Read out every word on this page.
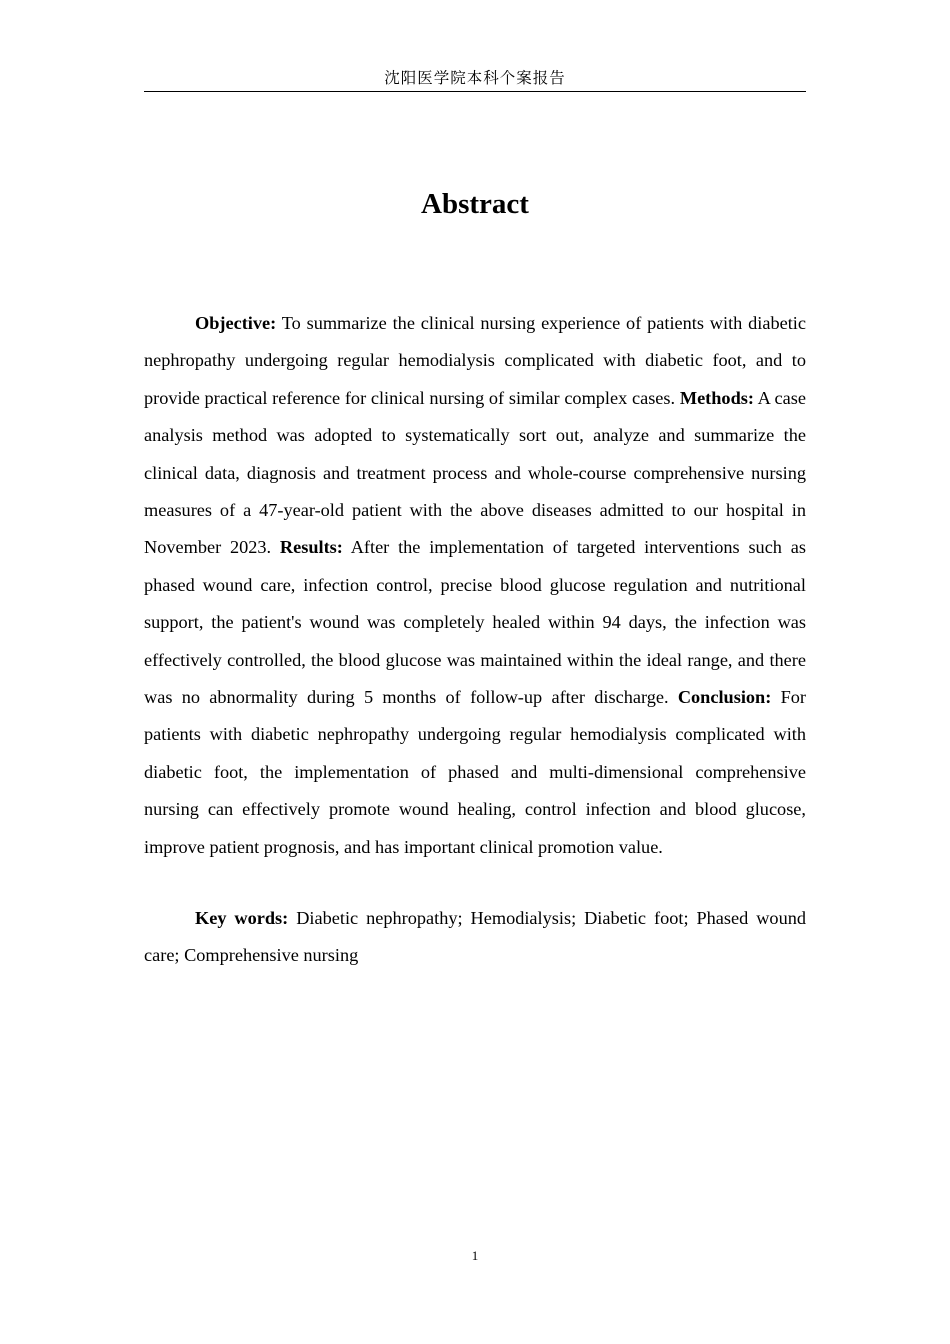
沈阳医学院本科个案报告
Abstract

Objective: To summarize the clinical nursing experience of patients with diabetic nephropathy undergoing regular hemodialysis complicated with diabetic foot, and to provide practical reference for clinical nursing of similar complex cases. Methods: A case analysis method was adopted to systematically sort out, analyze and summarize the clinical data, diagnosis and treatment process and whole-course comprehensive nursing measures of a 47-year-old patient with the above diseases admitted to our hospital in November 2023. Results: After the implementation of targeted interventions such as phased wound care, infection control, precise blood glucose regulation and nutritional support, the patient's wound was completely healed within 94 days, the infection was effectively controlled, the blood glucose was maintained within the ideal range, and there was no abnormality during 5 months of follow-up after discharge. Conclusion: For patients with diabetic nephropathy undergoing regular hemodialysis complicated with diabetic foot, the implementation of phased and multi-dimensional comprehensive nursing can effectively promote wound healing, control infection and blood glucose, improve patient prognosis, and has important clinical promotion value.

Key words: Diabetic nephropathy; Hemodialysis; Diabetic foot; Phased wound care; Comprehensive nursing

1
